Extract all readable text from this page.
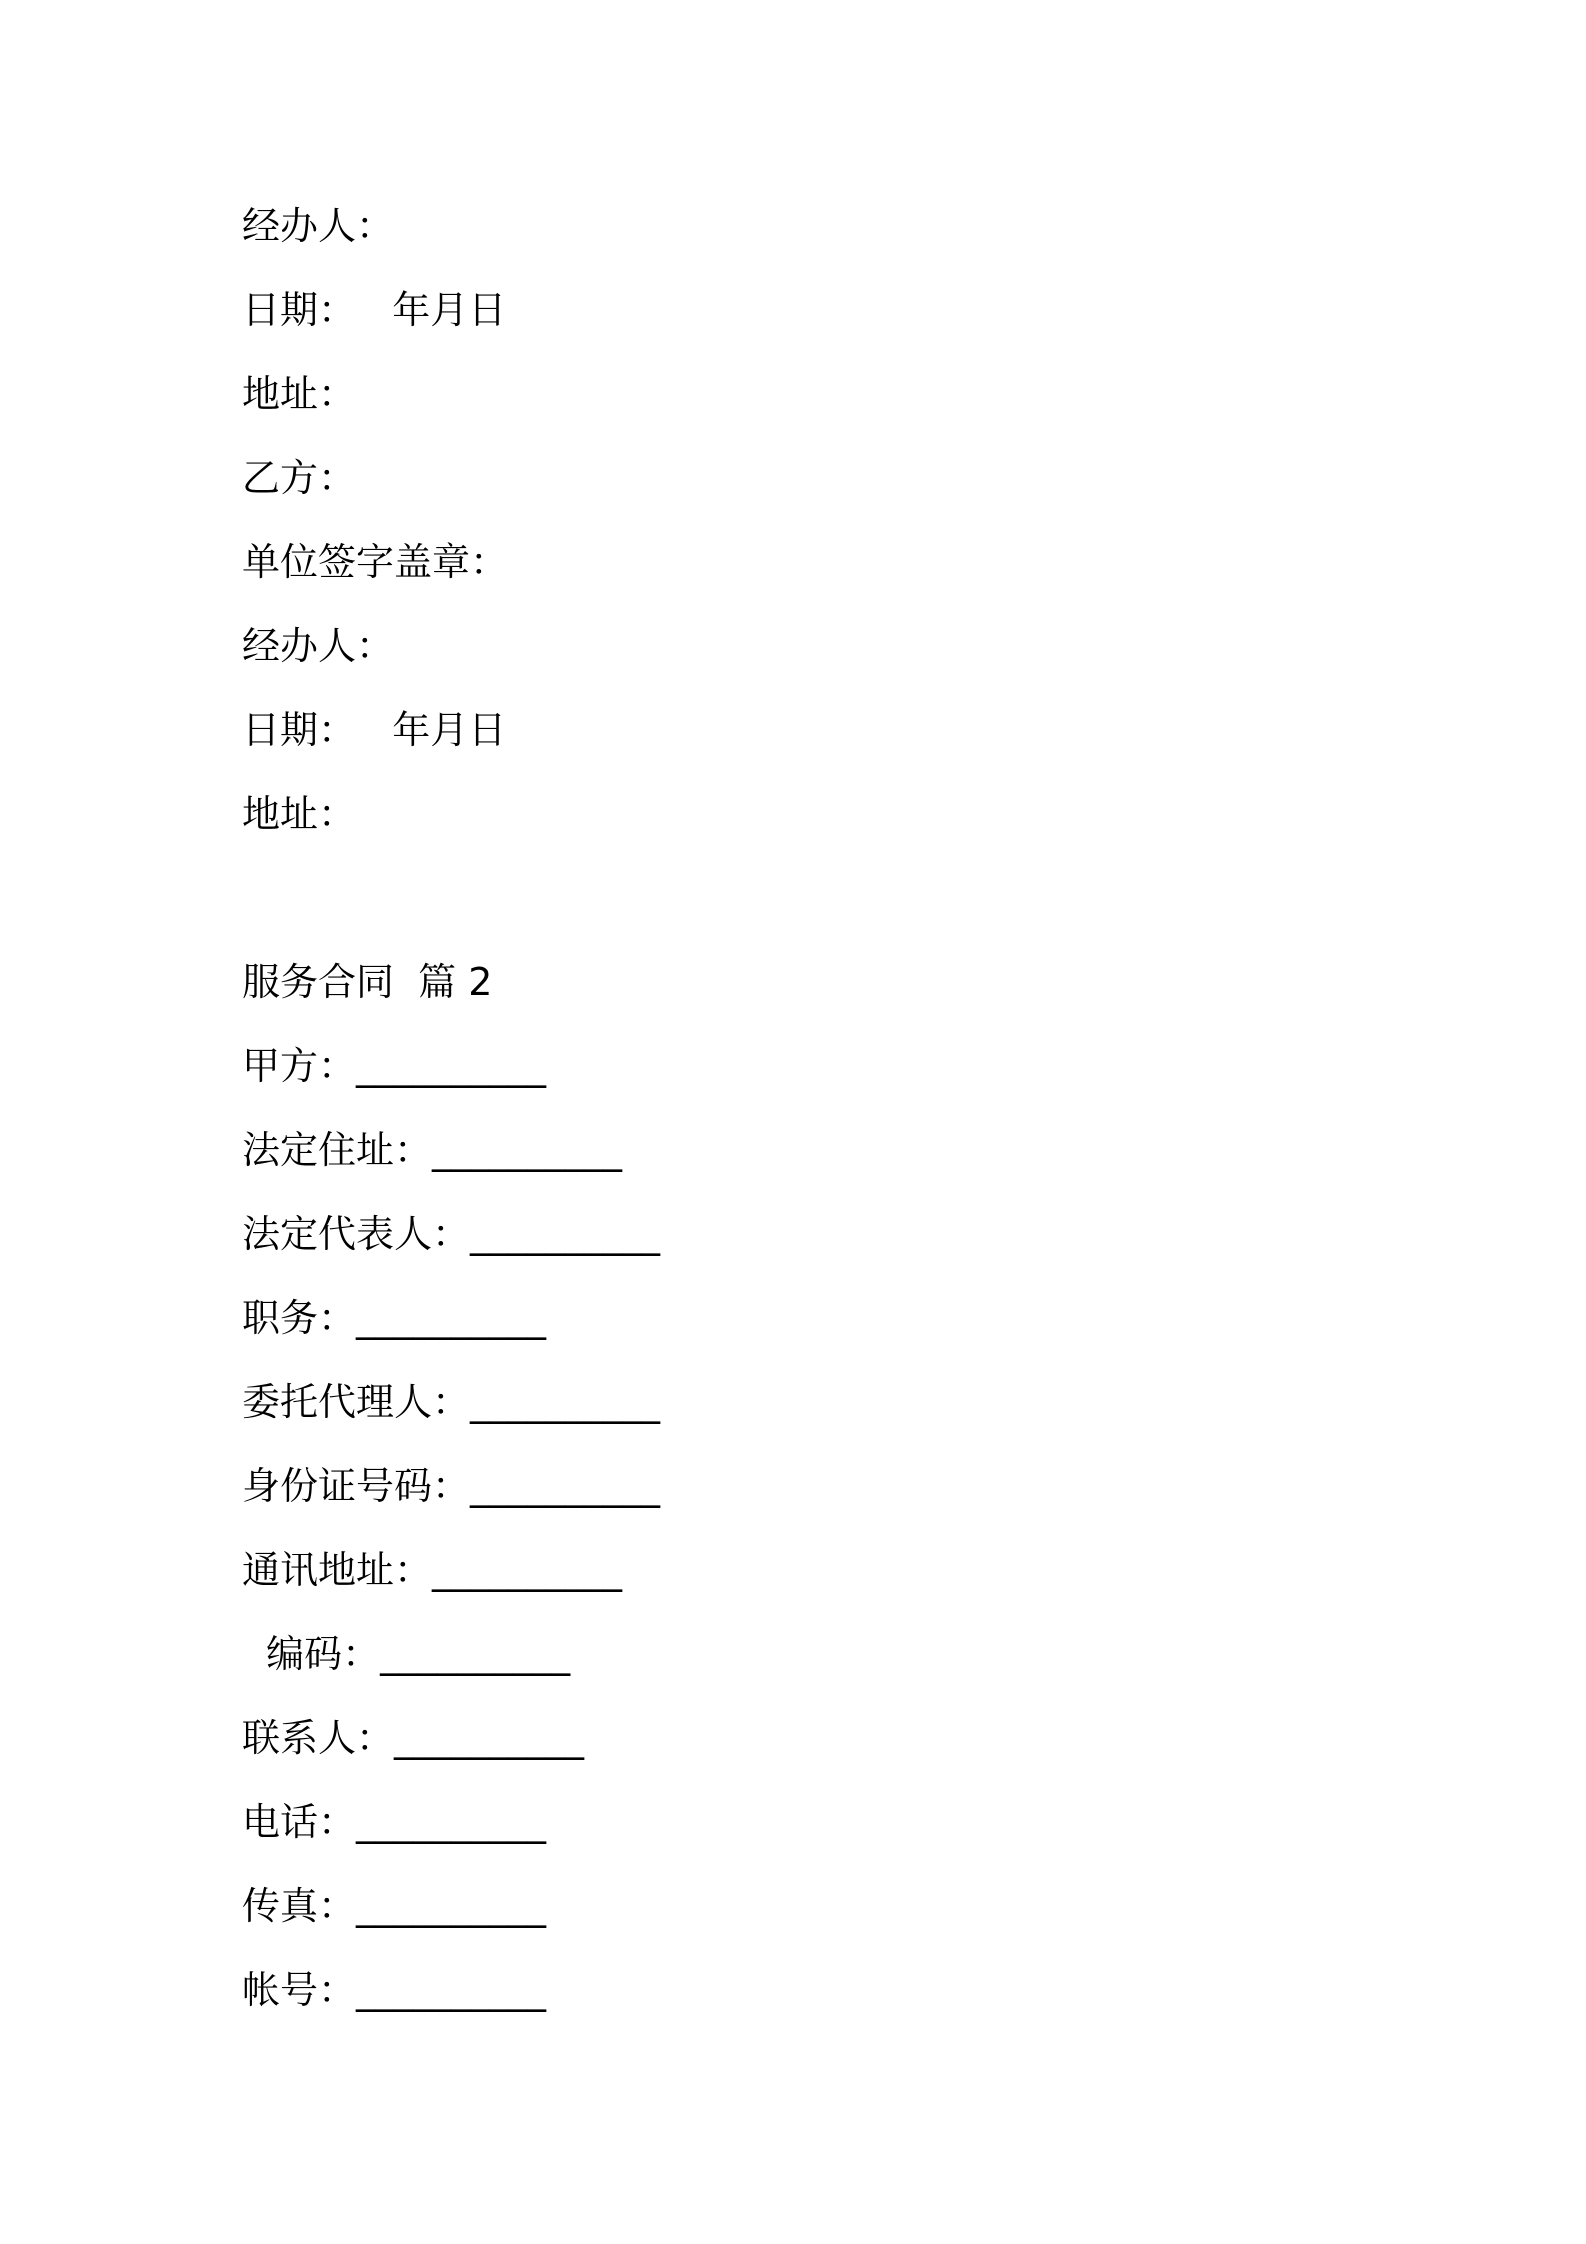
经办人：
日期：   年月日
地址：
乙方：
单位签字盖章：
经办人：
日期：   年月日
地址：
服务合同  篇 2
甲方：__________
法定住址：__________
法定代表人：__________
职务：__________
委托代理人：__________
身份证号码：__________
通讯地址：__________
编码：__________
联系人：__________
电话：__________
传真：__________
帐号：__________
